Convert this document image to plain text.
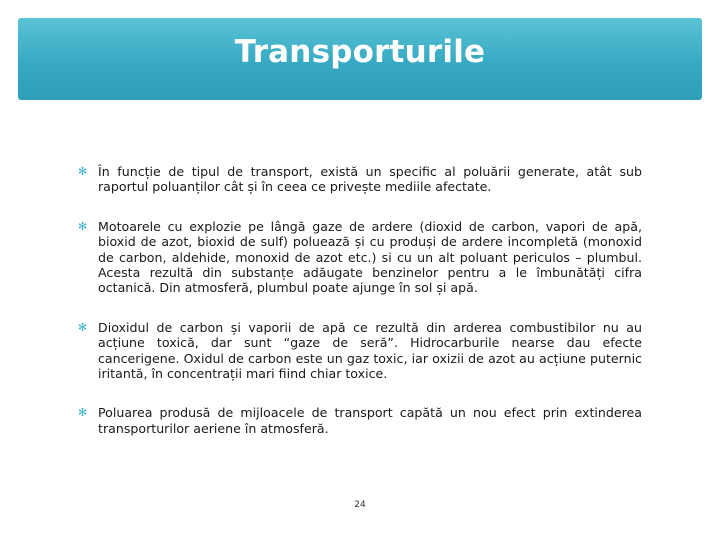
Transporturile
✻ În funcție de tipul de transport, există un specific al poluării generate, atât sub raportul poluanților cât și în ceea ce privește mediile afectate.
✻ Motoarele cu explozie pe lângă gaze de ardere (dioxid de carbon, vapori de apă, bioxid de azot, bioxid de sulf) poluează și cu produși de ardere incompletă (monoxid de carbon, aldehide, monoxid de azot etc.) si cu un alt poluant periculos – plumbul. Acesta rezultă din substanțe adăugate benzinelor pentru a le îmbunătăți cifra octanică. Din atmosferă, plumbul poate ajunge în sol și apă.
✻ Dioxidul de carbon și vaporii de apă ce rezultă din arderea combustibilor nu au acțiune toxică, dar sunt “gaze de seră”. Hidrocarburile nearse dau efecte cancerigene. Oxidul de carbon este un gaz toxic, iar oxizii de azot au acțiune puternic iritantă, în concentrații mari fiind chiar toxice.
✻ Poluarea produsă de mijloacele de transport capătă un nou efect prin extinderea transporturilor aeriene în atmosferă.
24
